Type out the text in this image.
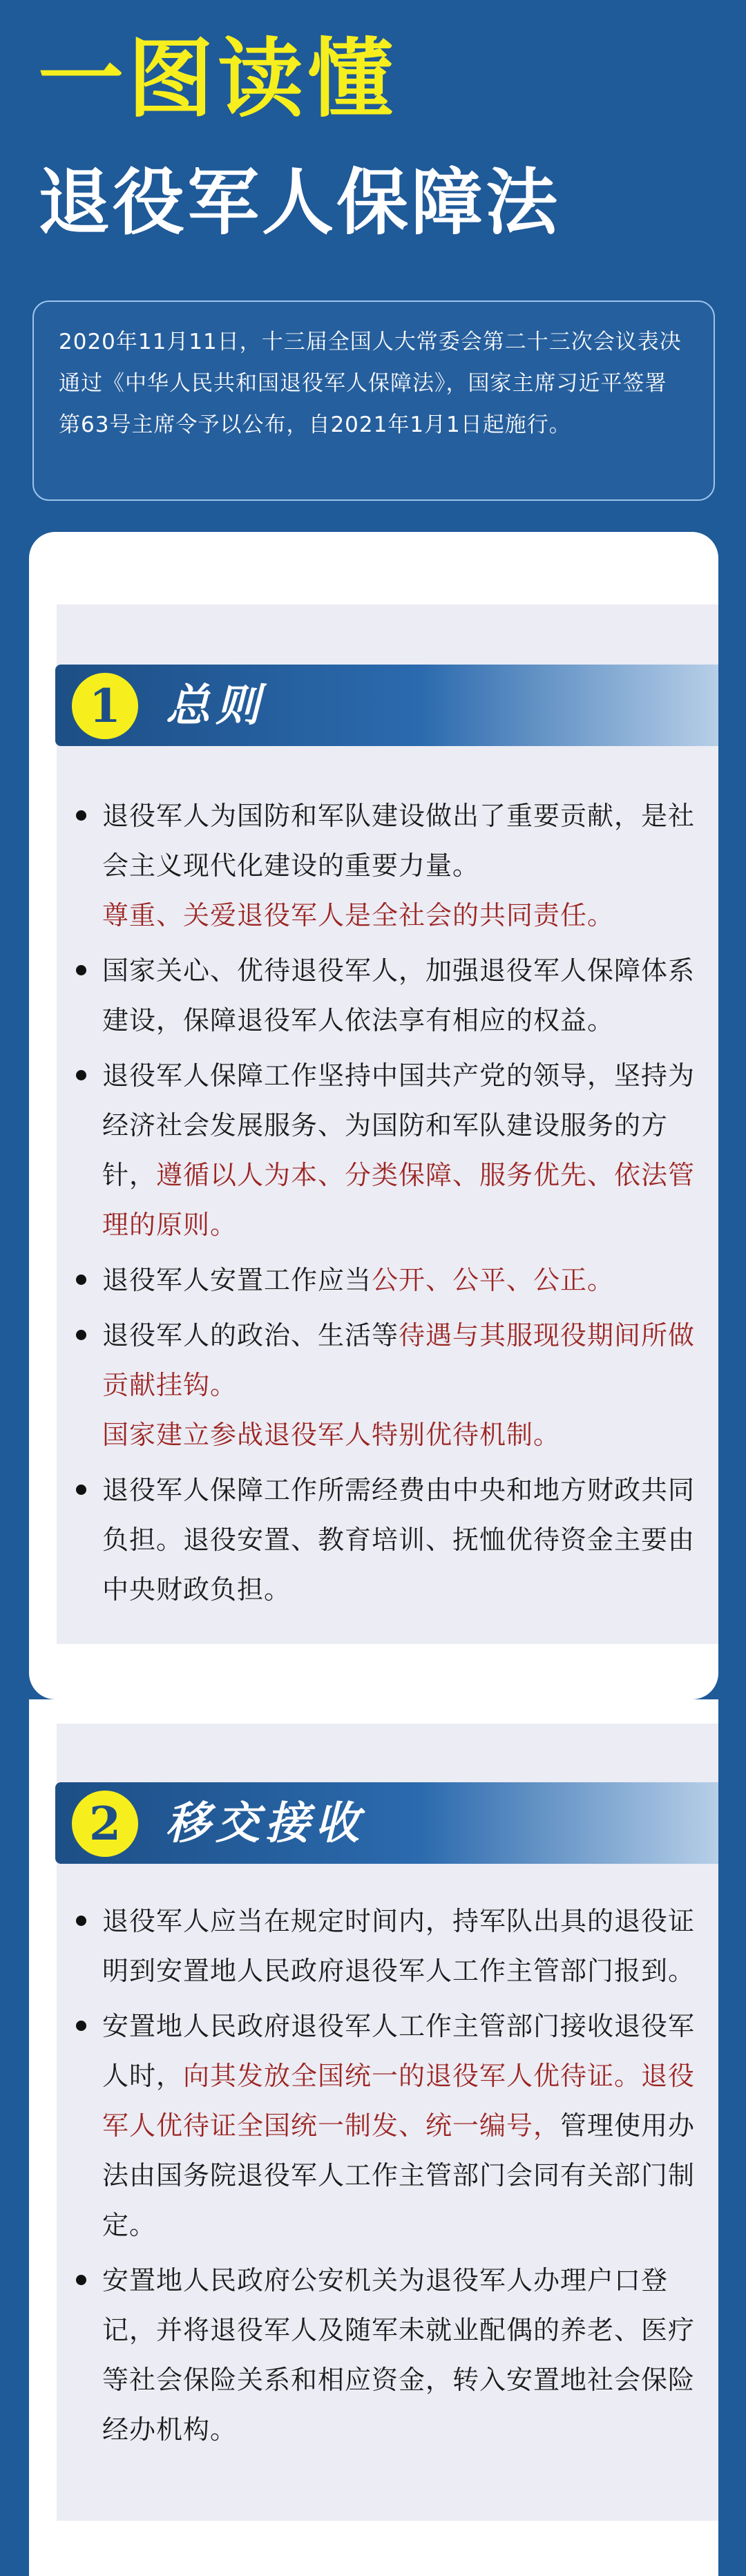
一图读懂
退役军人保障法
2020年11月11日，十三届全国人大常委会第二十三次会议表决通过《中华人民共和国退役军人保障法》，国家主席习近平签署第63号主席令予以公布，自2021年1月1日起施行。
1	总则
退役军人为国防和军队建设做出了重要贡献，是社会主义现代化建设的重要力量。
尊重、关爱退役军人是全社会的共同责任。
国家关心、优待退役军人，加强退役军人保障体系建设，保障退役军人依法享有相应的权益。
退役军人保障工作坚持中国共产党的领导，坚持为经济社会发展服务、为国防和军队建设服务的方针，遵循以人为本、分类保障、服务优先、依法管理的原则。
退役军人安置工作应当公开、公平、公正。
退役军人的政治、生活等待遇与其服现役期间所做贡献挂钩。
国家建立参战退役军人特别优待机制。
退役军人保障工作所需经费由中央和地方财政共同负担。退役安置、教育培训、抚恤优待资金主要由中央财政负担。
2	移交接收
退役军人应当在规定时间内，持军队出具的退役证明到安置地人民政府退役军人工作主管部门报到。
安置地人民政府退役军人工作主管部门接收退役军人时，向其发放全国统一的退役军人优待证。退役军人优待证全国统一制发、统一编号，管理使用办法由国务院退役军人工作主管部门会同有关部门制定。
安置地人民政府公安机关为退役军人办理户口登记，并将退役军人及随军未就业配偶的养老、医疗等社会保险关系和相应资金，转入安置地社会保险经办机构。
